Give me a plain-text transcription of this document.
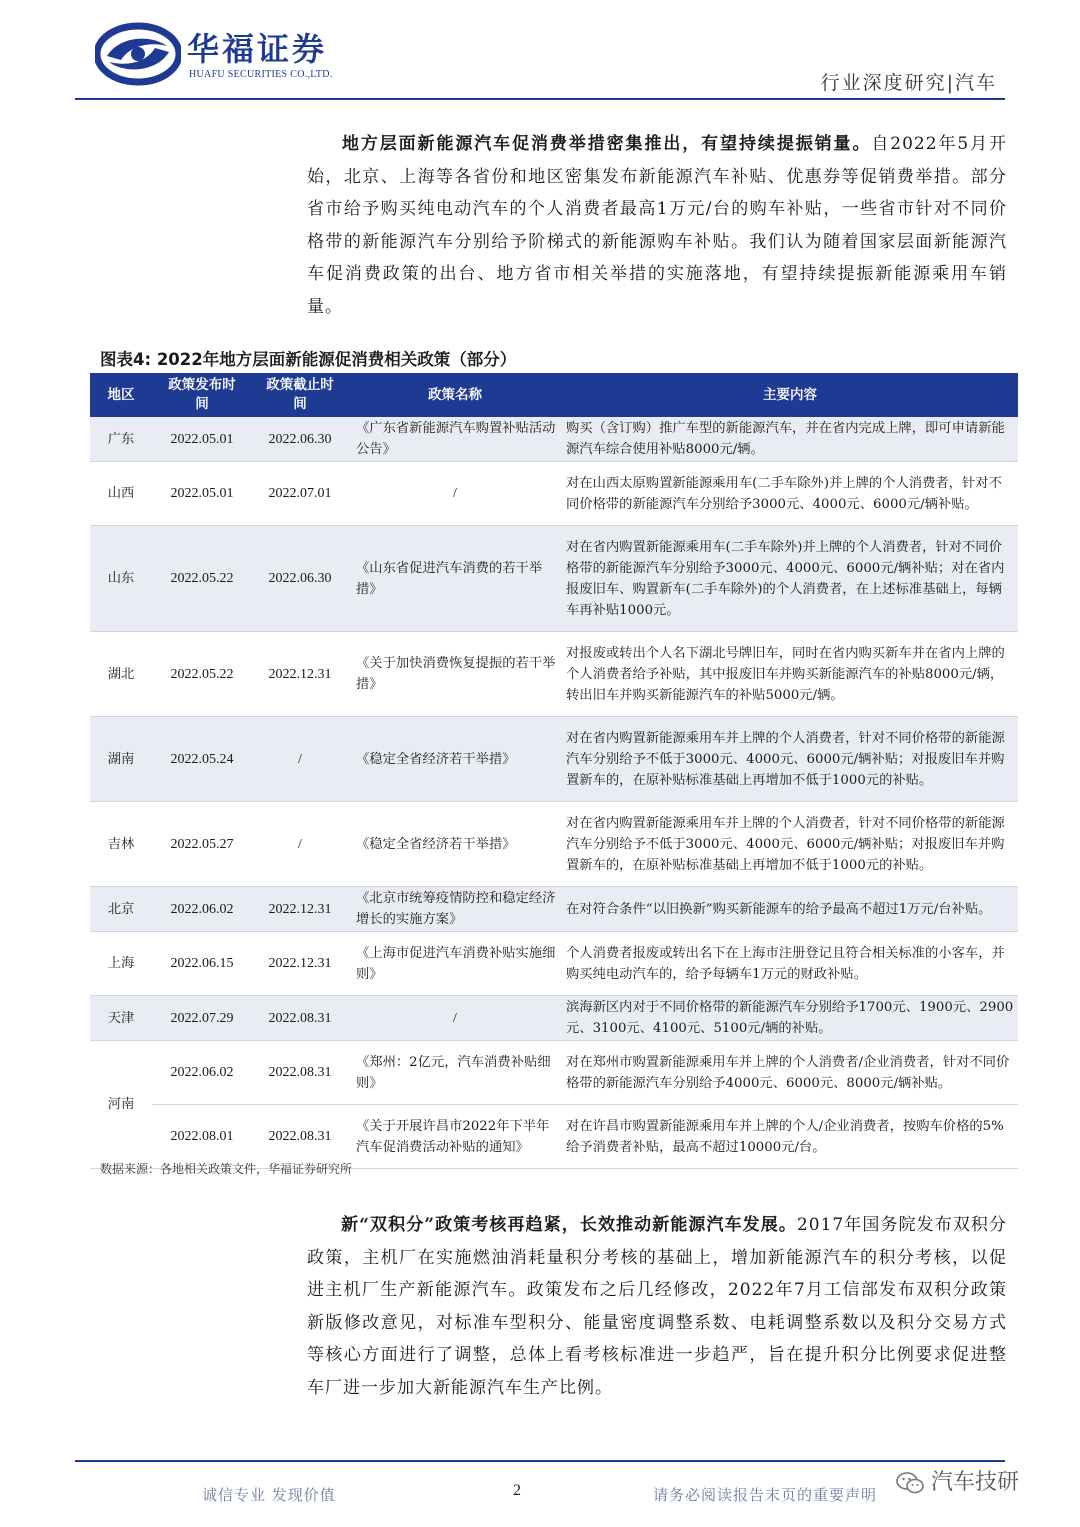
华福证券
HUAFU SECURITIES CO.,LTD.	行业深度研究|汽车
地方层面新能源汽车促消费举措密集推出，有望持续提振销量。自2022年5月开始，北京、上海等各省份和地区密集发布新能源汽车补贴、优惠券等促销费举措。部分省市给予购买纯电动汽车的个人消费者最高1万元/台的购车补贴，一些省市针对不同价格带的新能源汽车分别给予阶梯式的新能源购车补贴。我们认为随着国家层面新能源汽车促消费政策的出台、地方省市相关举措的实施落地，有望持续提振新能源乘用车销量。
图表4: 2022年地方层面新能源促消费相关政策（部分）
地区	政策发布时间	政策截止时间	政策名称	主要内容
广东	2022.05.01	2022.06.30	《广东省新能源汽车购置补贴活动公告》	购买（含订购）推广车型的新能源汽车，并在省内完成上牌，即可申请新能源汽车综合使用补贴8000元/辆。
山西	2022.05.01	2022.07.01	/	对在山西太原购置新能源乘用车(二手车除外)并上牌的个人消费者，针对不同价格带的新能源汽车分别给予3000元、4000元、6000元/辆补贴。
山东	2022.05.22	2022.06.30	《山东省促进汽车消费的若干举措》	对在省内购置新能源乘用车(二手车除外)并上牌的个人消费者，针对不同价格带的新能源汽车分别给予3000元、4000元、6000元/辆补贴；对在省内报废旧车、购置新车(二手车除外)的个人消费者，在上述标准基础上，每辆车再补贴1000元。
湖北	2022.05.22	2022.12.31	《关于加快消费恢复提振的若干举措》	对报废或转出个人名下湖北号牌旧车，同时在省内购买新车并在省内上牌的个人消费者给予补贴，其中报废旧车并购买新能源汽车的补贴8000元/辆，转出旧车并购买新能源汽车的补贴5000元/辆。
湖南	2022.05.24	/	《稳定全省经济若干举措》	对在省内购置新能源乘用车并上牌的个人消费者，针对不同价格带的新能源汽车分别给予不低于3000元、4000元、6000元/辆补贴；对报废旧车并购置新车的，在原补贴标准基础上再增加不低于1000元的补贴。
吉林	2022.05.27	/	《稳定全省经济若干举措》	对在省内购置新能源乘用车并上牌的个人消费者，针对不同价格带的新能源汽车分别给予不低于3000元、4000元、6000元/辆补贴；对报废旧车并购置新车的，在原补贴标准基础上再增加不低于1000元的补贴。
北京	2022.06.02	2022.12.31	《北京市统筹疫情防控和稳定经济增长的实施方案》	在对符合条件“以旧换新”购买新能源车的给予最高不超过1万元/台补贴。
上海	2022.06.15	2022.12.31	《上海市促进汽车消费补贴实施细则》	个人消费者报废或转出名下在上海市注册登记且符合相关标准的小客车，并购买纯电动汽车的，给予每辆车1万元的财政补贴。
天津	2022.07.29	2022.08.31	/	滨海新区内对于不同价格带的新能源汽车分别给予1700元、1900元、2900元、3100元、4100元、5100元/辆的补贴。
河南	2022.06.02	2022.08.31	《郑州：2亿元，汽车消费补贴细则》	对在郑州市购置新能源乘用车并上牌的个人消费者/企业消费者，针对不同价格带的新能源汽车分别给予4000元、6000元、8000元/辆补贴。
	2022.08.01	2022.08.31	《关于开展许昌市2022年下半年汽车促消费活动补贴的通知》	对在许昌市购置新能源乘用车并上牌的个人/企业消费者，按购车价格的5%给予消费者补贴，最高不超过10000元/台。
数据来源：各地相关政策文件，华福证券研究所
新“双积分”政策考核再趋紧，长效推动新能源汽车发展。2017年国务院发布双积分政策，主机厂在实施燃油消耗量积分考核的基础上，增加新能源汽车的积分考核，以促进主机厂生产新能源汽车。政策发布之后几经修改，2022年7月工信部发布双积分政策新版修改意见，对标准车型积分、能量密度调整系数、电耗调整系数以及积分交易方式等核心方面进行了调整，总体上看考核标准进一步趋严，旨在提升积分比例要求促进整车厂进一步加大新能源汽车生产比例。
诚信专业 发现价值	2	请务必阅读报告末页的重要声明	汽车技研
